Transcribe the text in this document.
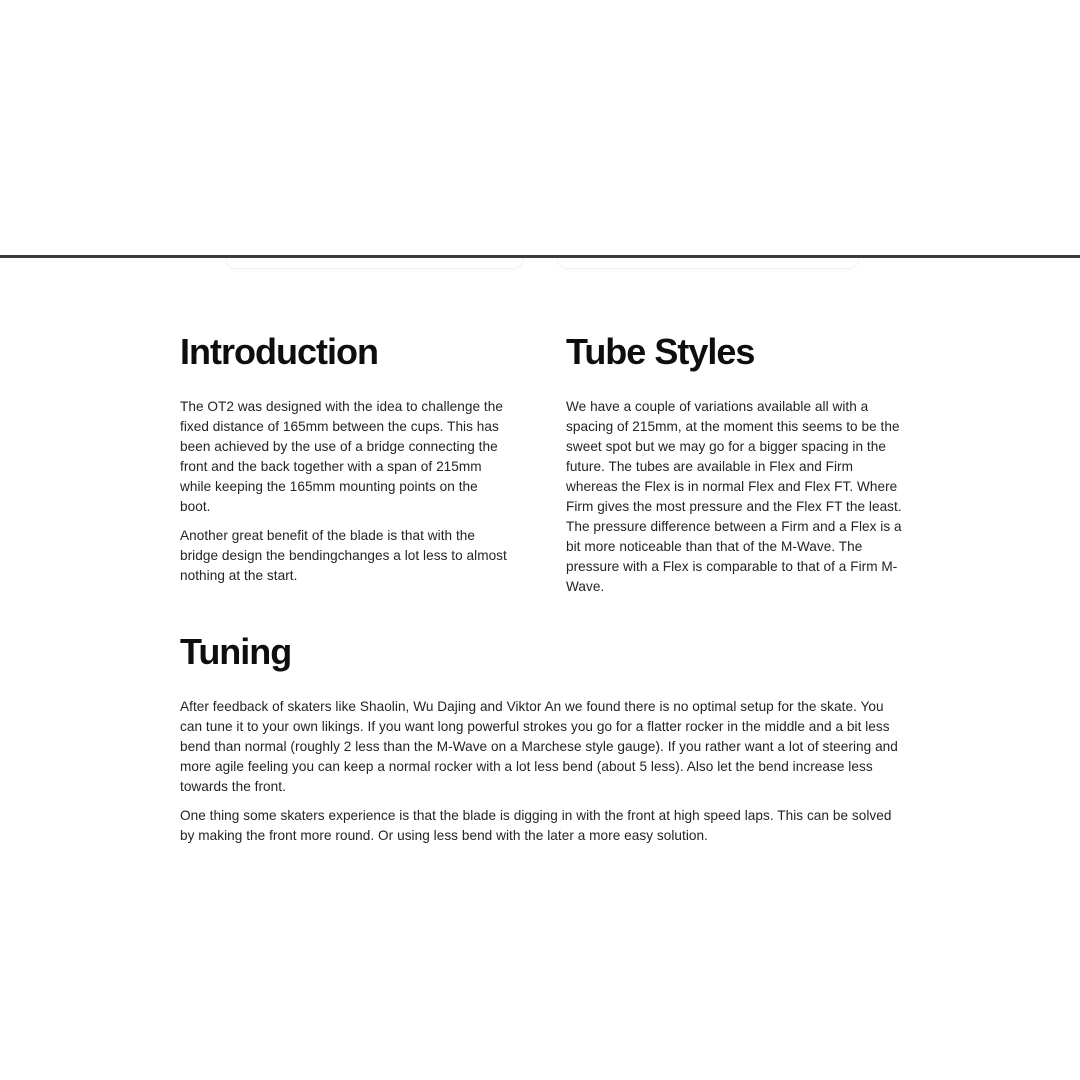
Introduction

The OT2 was designed with the idea to challenge the fixed distance of 165mm between the cups. This has been achieved by the use of a bridge connecting the front and the back together with a span of 215mm while keeping the 165mm mounting points on the boot.

Another great benefit of the blade is that with the bridge design the bendingchanges a lot less to almost nothing at the start.

Tube Styles

We have a couple of variations available all with a spacing of 215mm, at the moment this seems to be the sweet spot but we may go for a bigger spacing in the future. The tubes are available in Flex and Firm whereas the Flex is in normal Flex and Flex FT. Where Firm gives the most pressure and the Flex FT the least. The pressure difference between a Firm and a Flex is a bit more noticeable than that of the M-Wave. The pressure with a Flex is comparable to that of a Firm M-Wave.

Tuning

After feedback of skaters like Shaolin, Wu Dajing and Viktor An we found there is no optimal setup for the skate. You can tune it to your own likings. If you want long powerful strokes you go for a flatter rocker in the middle and a bit less bend than normal (roughly 2 less than the M-Wave on a Marchese style gauge). If you rather want a lot of steering and more agile feeling you can keep a normal rocker with a lot less bend (about 5 less). Also let the bend increase less towards the front.

One thing some skaters experience is that the blade is digging in with the front at high speed laps. This can be solved by making the front more round. Or using less bend with the later a more easy solution.
